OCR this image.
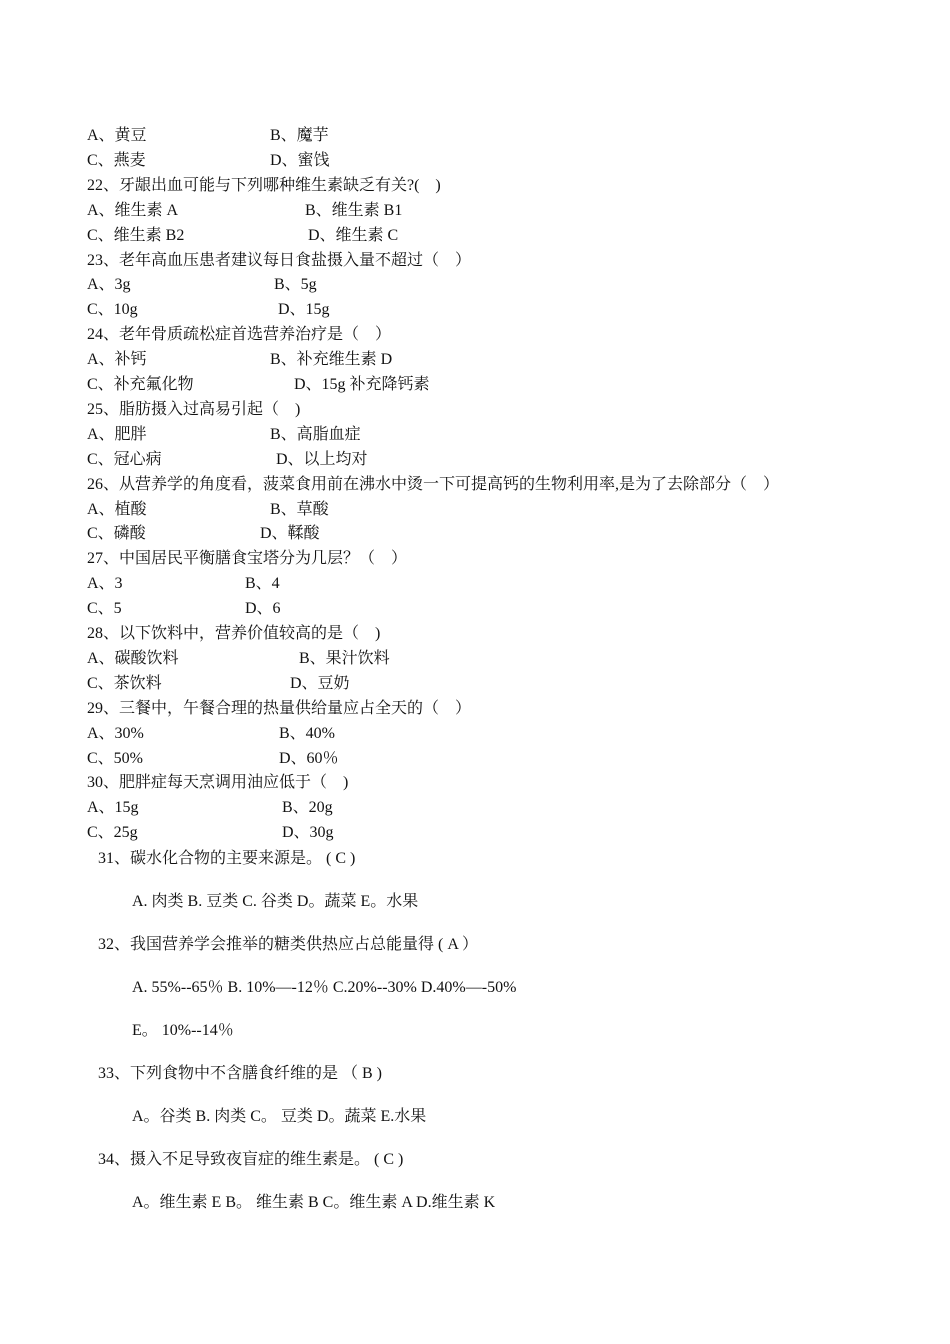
A、黄豆	B、魔芋
C、燕麦	D、蜜饯
22、牙龈出血可能与下列哪种维生素缺乏有关?(    )
A、维生素 A	B、维生素 B1
C、维生素 B2	D、维生素 C
23、老年高血压患者建议每日食盐摄入量不超过（    ）
A、3g	B、5g
C、10g	D、15g
24、老年骨质疏松症首选营养治疗是（    ）
A、补钙	B、补充维生素 D
C、补充氟化物	D、15g 补充降钙素
25、脂肪摄入过高易引起（    )
A、肥胖	B、高脂血症
C、冠心病	D、以上均对
26、从营养学的角度看，菠菜食用前在沸水中烫一下可提高钙的生物利用率,是为了去除部分（    ）
A、植酸	B、草酸
C、磷酸	D、鞣酸
27、中国居民平衡膳食宝塔分为几层？（    ）
A、3	B、4
C、5	D、6
28、以下饮料中，营养价值较高的是（    )
A、碳酸饮料	B、果汁饮料
C、茶饮料	D、豆奶
29、三餐中，午餐合理的热量供给量应占全天的（    ）
A、30%	B、40%
C、50%	D、60％
30、肥胖症每天烹调用油应低于（    )
A、15g	B、20g
C、25g	D、30g
31、碳水化合物的主要来源是。 ( C )
A. 肉类 B. 豆类 C. 谷类 D。蔬菜 E。水果
32、我国营养学会推举的糖类供热应占总能量得 ( A ）
A. 55%--65％ B. 10%—-12％ C.20%--30% D.40%—-50%
E。 10%--14％
33、下列食物中不含膳食纤维的是 （ B )
A。谷类 B. 肉类 C。 豆类 D。蔬菜 E.水果
34、摄入不足导致夜盲症的维生素是。 ( C )
A。维生素 E B。 维生素 B C。维生素 A D.维生素 K
